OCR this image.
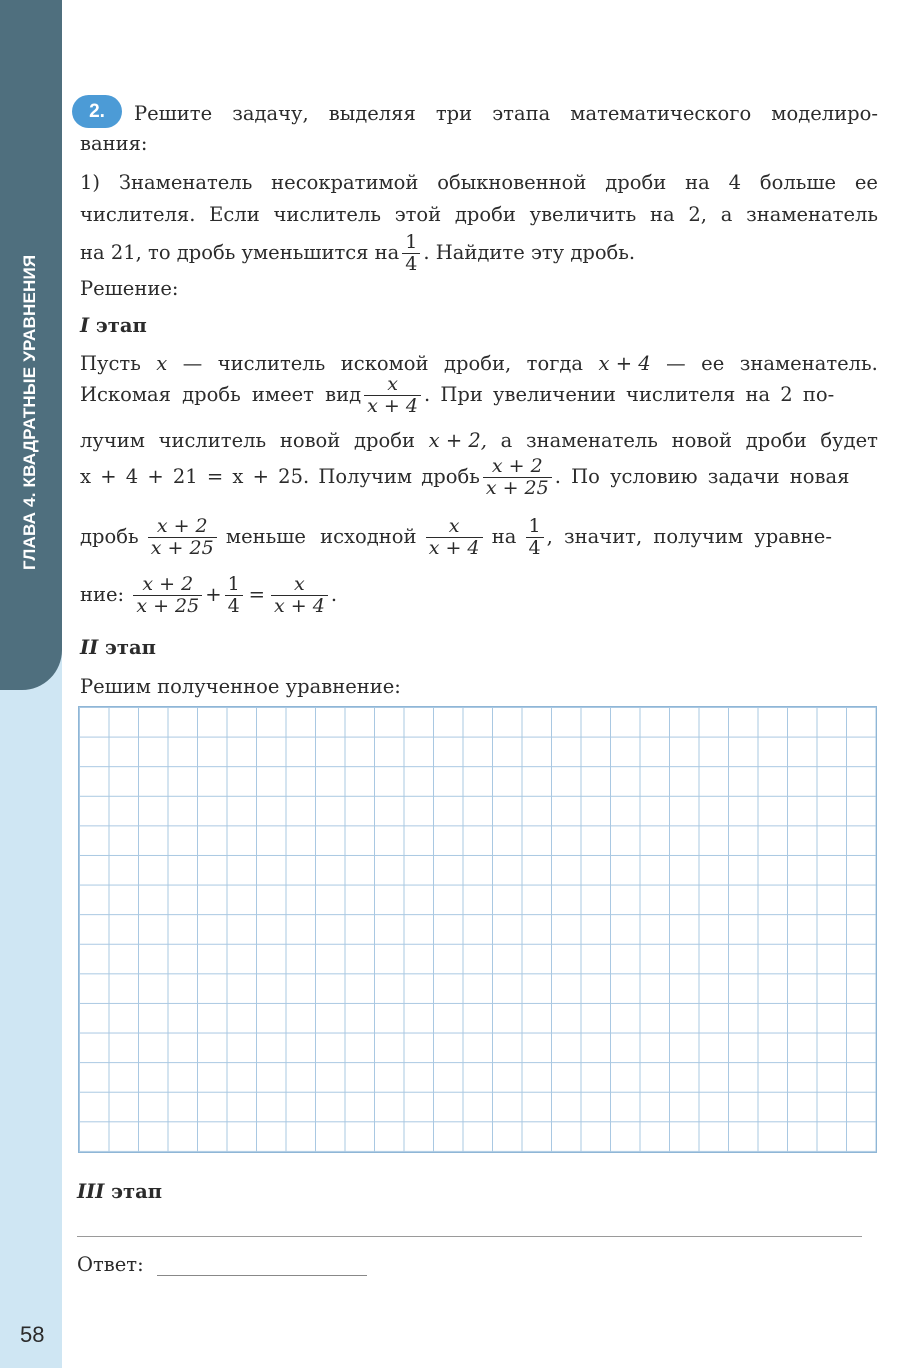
ГЛАВА 4. КВАДРАТНЫЕ УРАВНЕНИЯ
58
2.	Решите задачу, выделяя три этапа математического моделиро-
вания:
1) Знаменатель несократимой обыкновенной дроби на 4 больше ее
числителя. Если числитель этой дроби увеличить на 2, а знаменатель
на 21, то дробь уменьшится на $\frac{1}{4}$ . Найдите эту дробь.
Решение:
I этап
Пусть x — числитель искомой дроби, тогда x + 4 — ее знаменатель.
Искомая дробь имеет вид $\frac{x}{x + 4}$ . При увеличении числителя на 2 по-
лучим числитель новой дроби x + 2, а знаменатель новой дроби будет
x + 4 + 21 = x + 25. Получим дробь $\frac{x + 2}{x + 25}$ . По условию задачи новая
дробь $\frac{x + 2}{x + 25}$ меньше исходной $\frac{x}{x + 4}$ на $\frac{1}{4}$ , значит, получим уравне-
ние: $\frac{x + 2}{x + 25} + \frac{1}{4} = \frac{x}{x + 4}$ .
II этап
Решим полученное уравнение:
III этап
Ответ:
